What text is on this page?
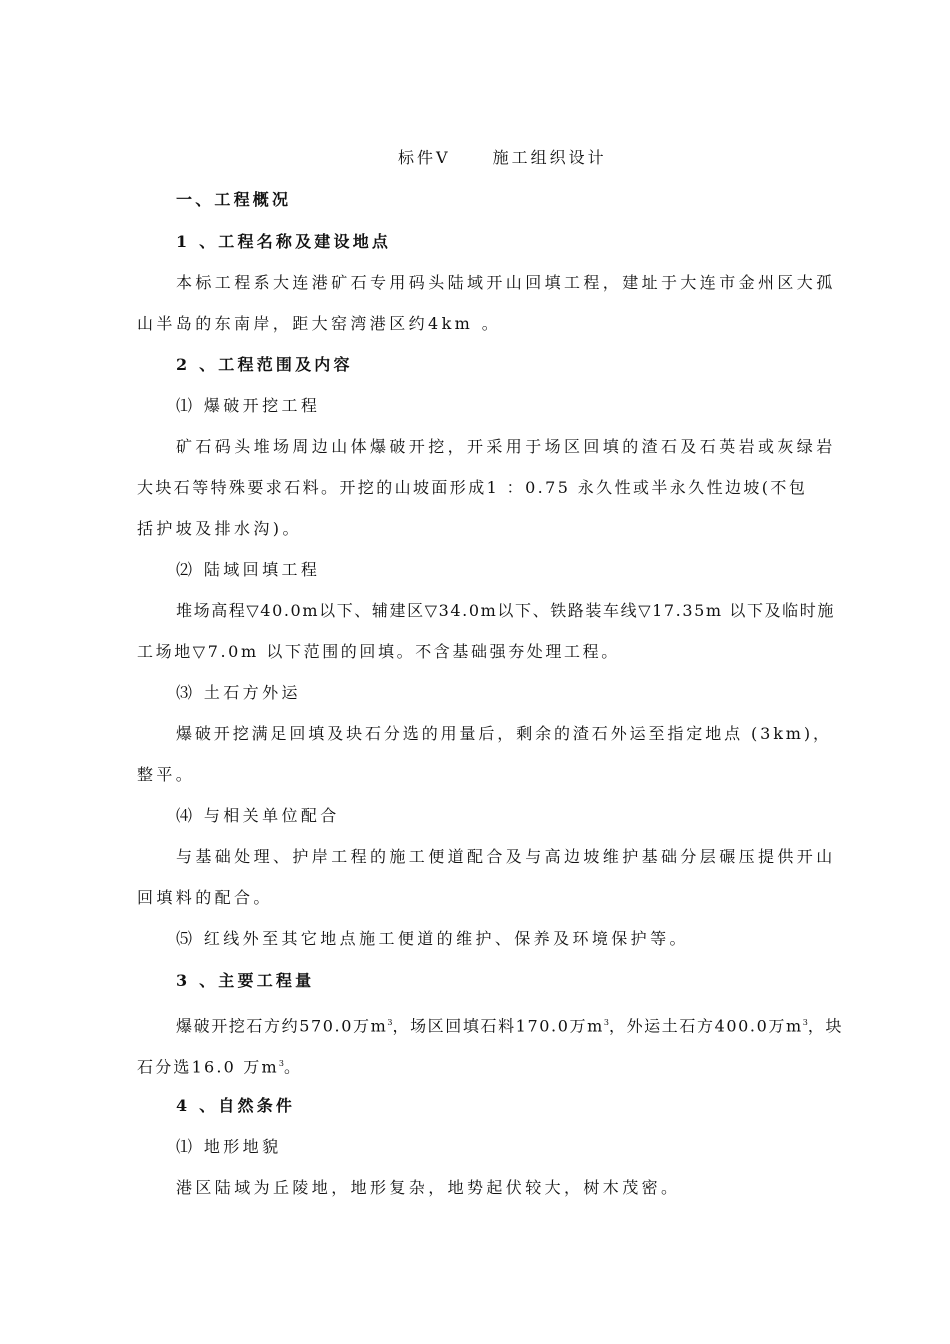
标件Ⅴ	施工组织设计
一、工程概况
1 、工程名称及建设地点
本标工程系大连港矿石专用码头陆域开山回填工程，建址于大连市金州区大孤
山半岛的东南岸，距大窑湾港区约4km 。
2 、工程范围及内容
⑴ 爆破开挖工程
矿石码头堆场周边山体爆破开挖，开采用于场区回填的渣石及石英岩或灰绿岩
大块石等特殊要求石料。开挖的山坡面形成1 ：0.75 永久性或半永久性边坡(不包
括护坡及排水沟)。
⑵ 陆域回填工程
堆场高程▽40.0m以下、辅建区▽34.0m以下、铁路装车线▽17.35m 以下及临时施
工场地▽7.0m 以下范围的回填。不含基础强夯处理工程。
⑶ 土石方外运
爆破开挖满足回填及块石分选的用量后，剩余的渣石外运至指定地点 (3km)，
整平。
⑷ 与相关单位配合
与基础处理、护岸工程的施工便道配合及与高边坡维护基础分层碾压提供开山
回填料的配合。
⑸ 红线外至其它地点施工便道的维护、保养及环境保护等。
3 、主要工程量
爆破开挖石方约570.0万$m^3$，场区回填石料170.0万$m^3$，外运土石方400.0万$m^3$，块
石分选16.0 万$m^3$。
4 、自然条件
⑴ 地形地貌
港区陆域为丘陵地，地形复杂，地势起伏较大，树木茂密。
